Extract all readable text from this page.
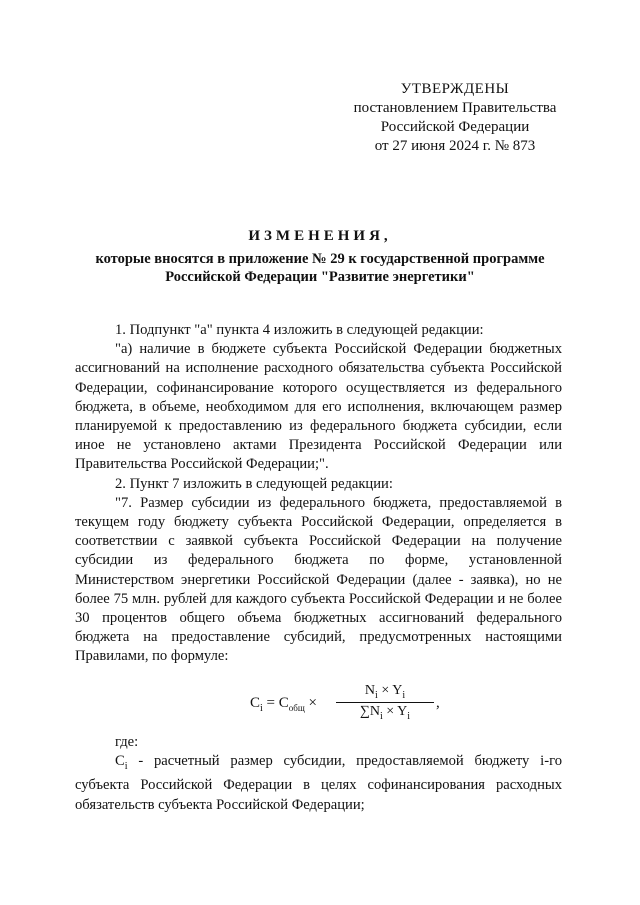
УТВЕРЖДЕНЫ
постановлением Правительства
Российской Федерации
от 27 июня 2024 г. № 873
ИЗМЕНЕНИЯ,
которые вносятся в приложение № 29 к государственной программе
Российской Федерации "Развитие энергетики"

1. Подпункт "а" пункта 4 изложить в следующей редакции:

"а) наличие в бюджете субъекта Российской Федерации бюджетных ассигнований на исполнение расходного обязательства субъекта Российской Федерации, софинансирование которого осуществляется из федерального бюджета, в объеме, необходимом для его исполнения, включающем размер планируемой к предоставлению из федерального бюджета субсидии, если иное не установлено актами Президента Российской Федерации или Правительства Российской Федерации;".

2. Пункт 7 изложить в следующей редакции:

"7. Размер субсидии из федерального бюджета, предоставляемой в текущем году бюджету субъекта Российской Федерации, определяется в соответствии с заявкой субъекта Российской Федерации на получение субсидии из федерального бюджета по форме, установленной Министерством энергетики Российской Федерации (далее - заявка), но не более 75 млн. рублей для каждого субъекта Российской Федерации и не более 30 процентов общего объема бюджетных ассигнований федерального бюджета на предоставление субсидий, предусмотренных настоящими Правилами, по формуле:

$C_i = C_{общ} \times \frac{N_i \times Y_i}{\sum N_i \times Y_i}$ ,

где:

$C_i$ - расчетный размер субсидии, предоставляемой бюджету i-го субъекта Российской Федерации в целях софинансирования расходных обязательств субъекта Российской Федерации;
